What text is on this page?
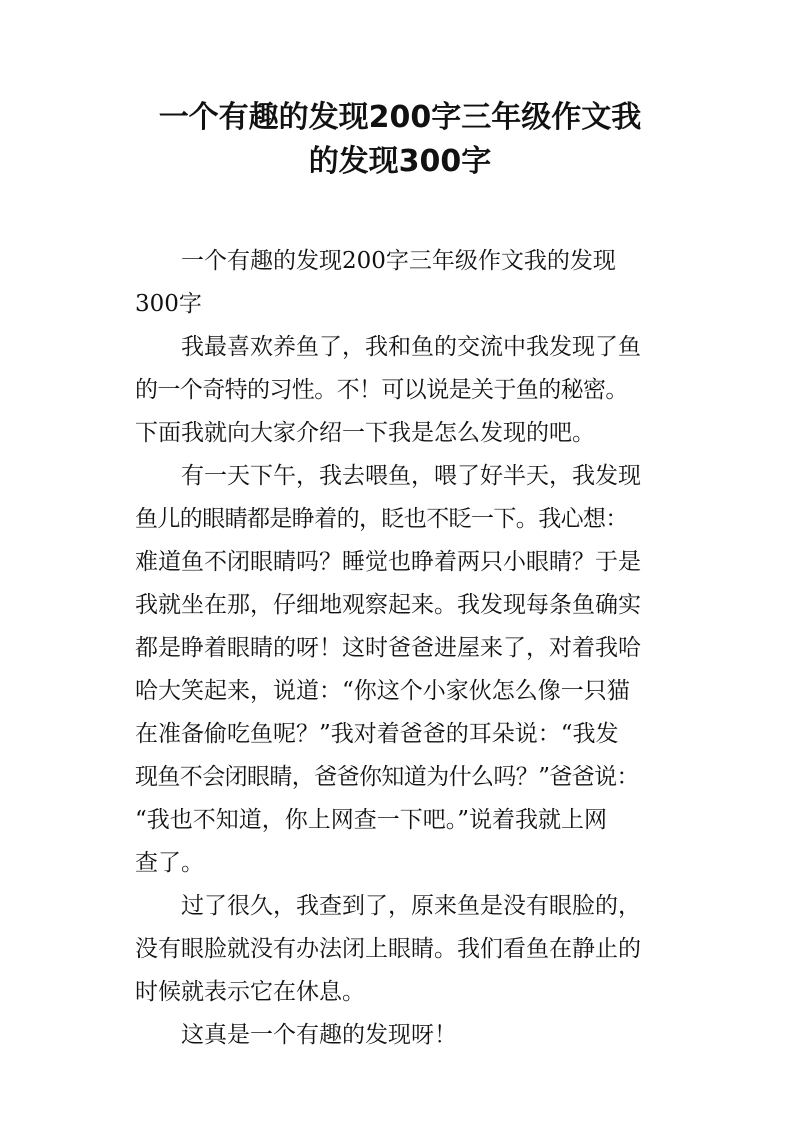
一个有趣的发现200字三年级作文我
的发现300字

一个有趣的发现200字三年级作文我的发现
300字

我最喜欢养鱼了，我和鱼的交流中我发现了鱼
的一个奇特的习性。不！可以说是关于鱼的秘密。
下面我就向大家介绍一下我是怎么发现的吧。

有一天下午，我去喂鱼，喂了好半天，我发现
鱼儿的眼睛都是睁着的，眨也不眨一下。我心想：
难道鱼不闭眼睛吗？睡觉也睁着两只小眼睛？于是
我就坐在那，仔细地观察起来。我发现每条鱼确实
都是睁着眼睛的呀！这时爸爸进屋来了，对着我哈
哈大笑起来，说道：“你这个小家伙怎么像一只猫
在准备偷吃鱼呢？”我对着爸爸的耳朵说：“我发
现鱼不会闭眼睛，爸爸你知道为什么吗？”爸爸说：
“我也不知道，你上网查一下吧。”说着我就上网
查了。

过了很久，我查到了，原来鱼是没有眼脸的，
没有眼脸就没有办法闭上眼睛。我们看鱼在静止的
时候就表示它在休息。

这真是一个有趣的发现呀！
